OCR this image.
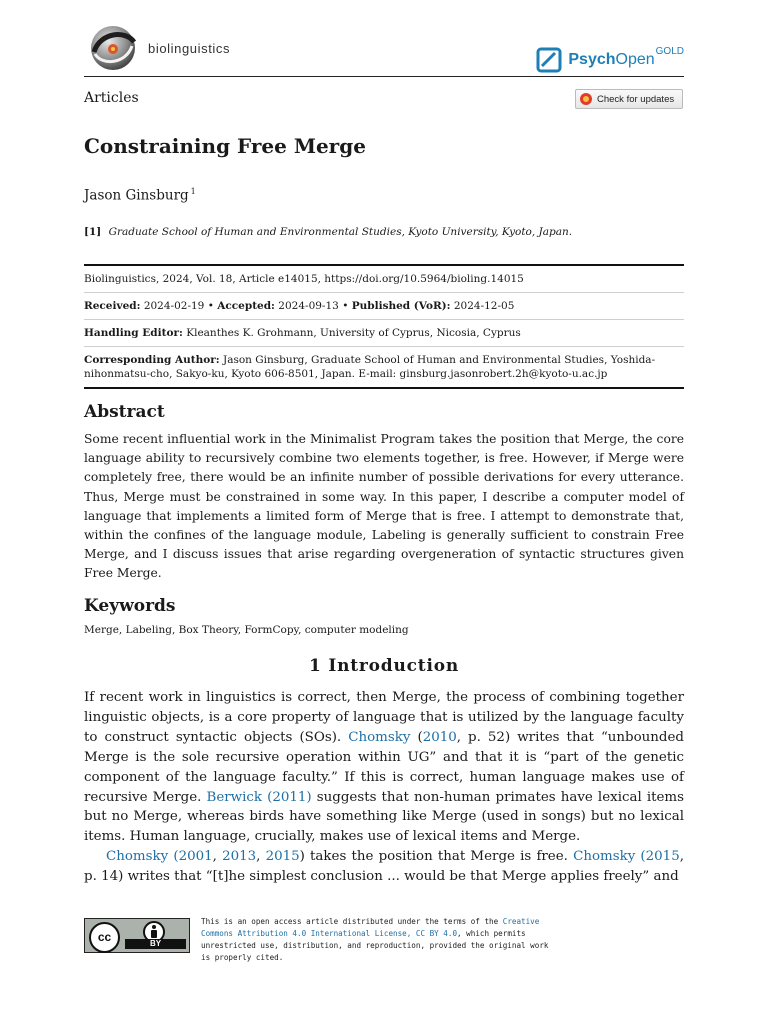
biolinguistics
PsychOpen GOLD
Articles	Check for updates
Constraining Free Merge
Jason Ginsburg $^1$
[1] Graduate School of Human and Environmental Studies, Kyoto University, Kyoto, Japan.
Biolinguistics, 2024, Vol. 18, Article e14015, https://doi.org/10.5964/bioling.14015
Received: 2024-02-19 • Accepted: 2024-09-13 • Published (VoR): 2024-12-05
Handling Editor: Kleanthes K. Grohmann, University of Cyprus, Nicosia, Cyprus
Corresponding Author: Jason Ginsburg, Graduate School of Human and Environmental Studies, Yoshida-nihonmatsu-cho, Sakyo-ku, Kyoto 606-8501, Japan. E-mail: ginsburg.jasonrobert.2h@kyoto-u.ac.jp
Abstract

Some recent influential work in the Minimalist Program takes the position that Merge, the core language ability to recursively combine two elements together, is free. However, if Merge were completely free, there would be an infinite number of possible derivations for every utterance. Thus, Merge must be constrained in some way. In this paper, I describe a computer model of language that implements a limited form of Merge that is free. I attempt to demonstrate that, within the confines of the language module, Labeling is generally sufficient to constrain Free Merge, and I discuss issues that arise regarding overgeneration of syntactic structures given Free Merge.

Keywords
Merge, Labeling, Box Theory, FormCopy, computer modeling
1 Introduction

If recent work in linguistics is correct, then Merge, the process of combining together linguistic objects, is a core property of language that is utilized by the language faculty to construct syntactic objects (SOs). Chomsky (2010, p. 52) writes that “unbounded Merge is the sole recursive operation within UG” and that it is “part of the genetic component of the language faculty.” If this is correct, human language makes use of recursive Merge. Berwick (2011) suggests that non-human primates have lexical items but no Merge, whereas birds have something like Merge (used in songs) but no lexical items. Human language, crucially, makes use of lexical items and Merge.

Chomsky (2001, 2013, 2015) takes the position that Merge is free. Chomsky (2015, p. 14) writes that “[t]he simplest conclusion ... would be that Merge applies freely” and

cc	BY
This is an open access article distributed under the terms of the Creative Commons Attribution 4.0 International License, CC BY 4.0, which permits unrestricted use, distribution, and reproduction, provided the original work is properly cited.
